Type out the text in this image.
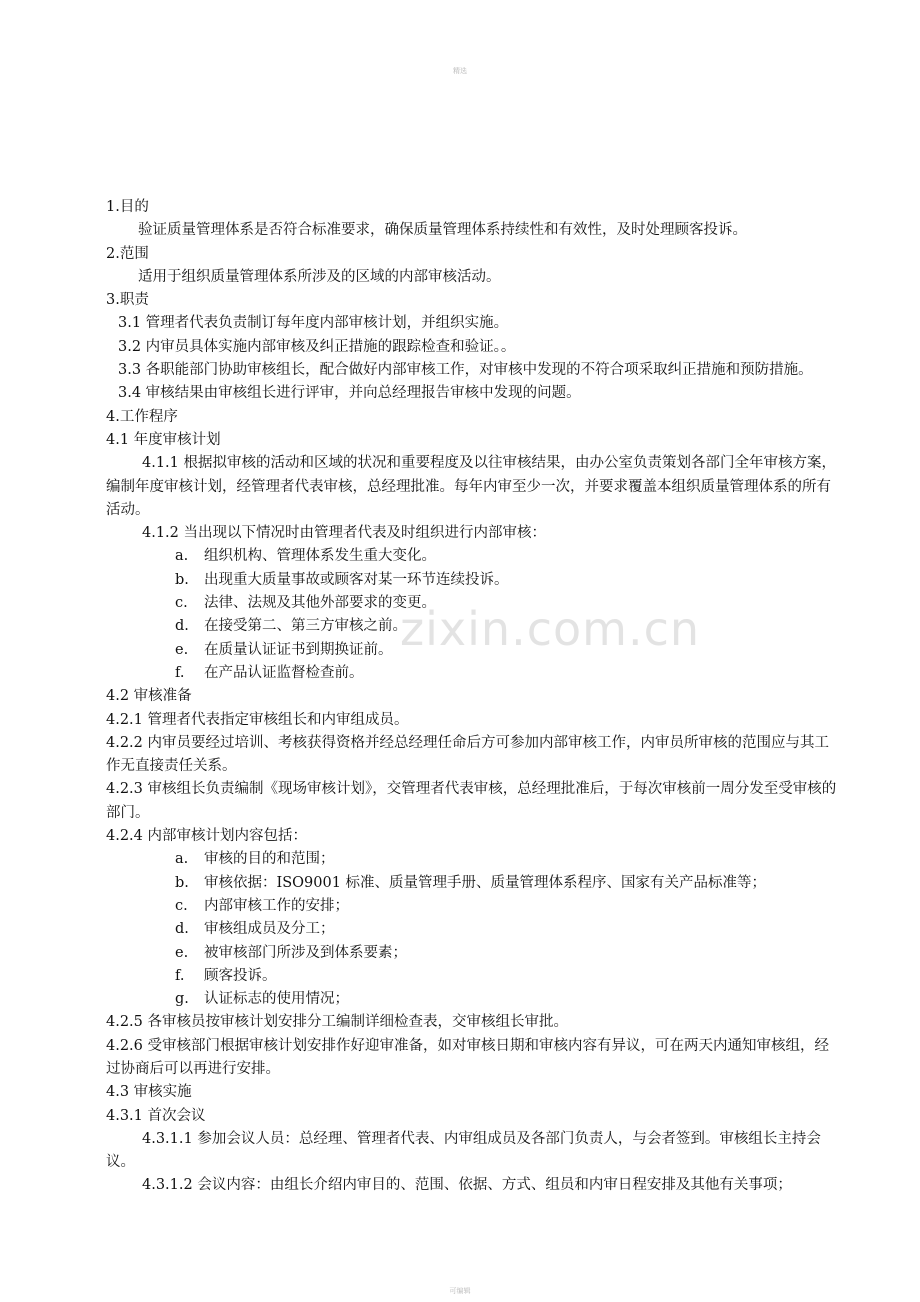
精选
zixin.com.cn

1.目的

验证质量管理体系是否符合标准要求，确保质量管理体系持续性和有效性，及时处理顾客投诉。

2.范围

适用于组织质量管理体系所涉及的区域的内部审核活动。

3.职责

3.1 管理者代表负责制订每年度内部审核计划，并组织实施。

3.2 内审员具体实施内部审核及纠正措施的跟踪检查和验证。。

3.3 各职能部门协助审核组长，配合做好内部审核工作，对审核中发现的不符合项采取纠正措施和预防措施。

3.4 审核结果由审核组长进行评审，并向总经理报告审核中发现的问题。

4.工作程序

4.1 年度审核计划

4.1.1 根据拟审核的活动和区域的状况和重要程度及以往审核结果，由办公室负责策划各部门全年审核方案，编制年度审核计划，经管理者代表审核，总经理批准。每年内审至少一次，并要求覆盖本组织质量管理体系的所有活动。

4.1.2 当出现以下情况时由管理者代表及时组织进行内部审核：

a. 组织机构、管理体系发生重大变化。

b. 出现重大质量事故或顾客对某一环节连续投诉。

c. 法律、法规及其他外部要求的变更。

d. 在接受第二、第三方审核之前。

e. 在质量认证证书到期换证前。

f. 在产品认证监督检查前。

4.2 审核准备

4.2.1 管理者代表指定审核组长和内审组成员。

4.2.2 内审员要经过培训、考核获得资格并经总经理任命后方可参加内部审核工作，内审员所审核的范围应与其工作无直接责任关系。

4.2.3 审核组长负责编制《现场审核计划》，交管理者代表审核，总经理批准后，于每次审核前一周分发至受审核的部门。

4.2.4 内部审核计划内容包括：

a. 审核的目的和范围；

b. 审核依据：ISO9001 标准、质量管理手册、质量管理体系程序、国家有关产品标准等；

c. 内部审核工作的安排；

d. 审核组成员及分工；

e. 被审核部门所涉及到体系要素；

f. 顾客投诉。

g. 认证标志的使用情况；

4.2.5 各审核员按审核计划安排分工编制详细检查表，交审核组长审批。

4.2.6 受审核部门根据审核计划安排作好迎审准备，如对审核日期和审核内容有异议，可在两天内通知审核组，经过协商后可以再进行安排。

4.3 审核实施

4.3.1 首次会议

4.3.1.1 参加会议人员：总经理、管理者代表、内审组成员及各部门负责人，与会者签到。审核组长主持会议。

4.3.1.2 会议内容：由组长介绍内审目的、范围、依据、方式、组员和内审日程安排及其他有关事项；

可编辑
